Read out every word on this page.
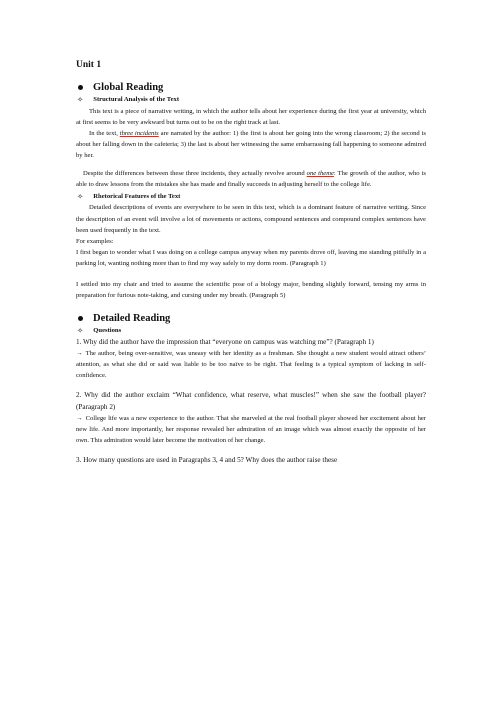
Unit 1
Global Reading
✧ Structural Analysis of the Text

This text is a piece of narrative writing, in which the author tells about her experience during the first year at university, which at first seems to be very awkward but turns out to be on the right track at last.

In the text, three incidents are narrated by the author: 1) the first is about her going into the wrong classroom; 2) the second is about her falling down in the cafeteria; 3) the last is about her witnessing the same embarrassing fall happening to someone admired by her.

Despite the differences between these three incidents, they actually revolve around one theme: The growth of the author, who is able to draw lessons from the mistakes she has made and finally succeeds in adjusting herself to the college life.

✧ Rhetorical Features of the Text

Detailed descriptions of events are everywhere to be seen in this text, which is a dominant feature of narrative writing. Since the description of an event will involve a lot of movements or actions, compound sentences and compound complex sentences have been used frequently in the text.

For examples:

I first began to wonder what I was doing on a college campus anyway when my parents drove off, leaving me standing pitifully in a parking lot, wanting nothing more than to find my way safely to my dorm room. (Paragraph 1)

I settled into my chair and tried to assume the scientific pose of a biology major, bending slightly forward, tensing my arms in preparation for furious note-taking, and cursing under my breath. (Paragraph 5)

Detailed Reading
✧ Questions

1. Why did the author have the impression that “everyone on campus was watching me”? (Paragraph 1)

→ The author, being over-sensitive, was uneasy with her identity as a freshman. She thought a new student would attract others’ attention, as what she did or said was liable to be too naïve to be right. That feeling is a typical symptom of lacking in self-confidence.

2. Why did the author exclaim “What confidence, what reserve, what muscles!” when she saw the football player? (Paragraph 2)

→ College life was a new experience to the author. That she marveled at the real football player showed her excitement about her new life. And more importantly, her response revealed her admiration of an image which was almost exactly the opposite of her own. This admiration would later become the motivation of her change.

3. How many questions are used in Paragraphs 3, 4 and 5? Why does the author raise these
